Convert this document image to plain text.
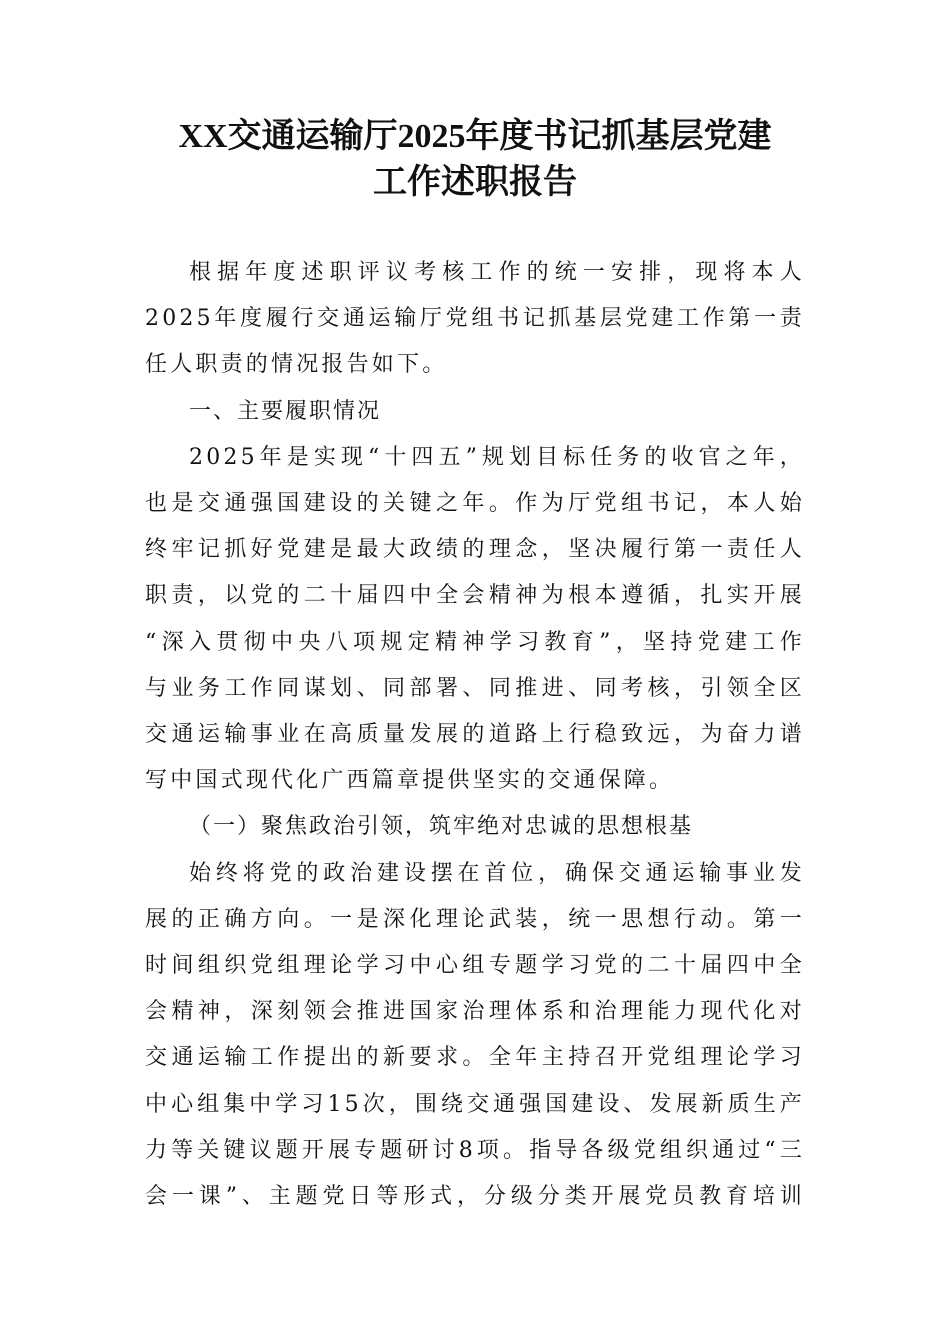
XX交通运输厅2025年度书记抓基层党建
工作述职报告

根据年度述职评议考核工作的统一安排，现将本人
2025年度履行交通运输厅党组书记抓基层党建工作第一责
任人职责的情况报告如下。

一、主要履职情况

2025年是实现“十四五”规划目标任务的收官之年，
也是交通强国建设的关键之年。作为厅党组书记，本人始
终牢记抓好党建是最大政绩的理念，坚决履行第一责任人
职责，以党的二十届四中全会精神为根本遵循，扎实开展
“深入贯彻中央八项规定精神学习教育”，坚持党建工作
与业务工作同谋划、同部署、同推进、同考核，引领全区
交通运输事业在高质量发展的道路上行稳致远，为奋力谱
写中国式现代化广西篇章提供坚实的交通保障。

（一）聚焦政治引领，筑牢绝对忠诚的思想根基

始终将党的政治建设摆在首位，确保交通运输事业发
展的正确方向。一是深化理论武装，统一思想行动。第一
时间组织党组理论学习中心组专题学习党的二十届四中全
会精神，深刻领会推进国家治理体系和治理能力现代化对
交通运输工作提出的新要求。全年主持召开党组理论学习
中心组集中学习15次，围绕交通强国建设、发展新质生产
力等关键议题开展专题研讨8项。指导各级党组织通过“三
会一课”、主题党日等形式，分级分类开展党员教育培训
